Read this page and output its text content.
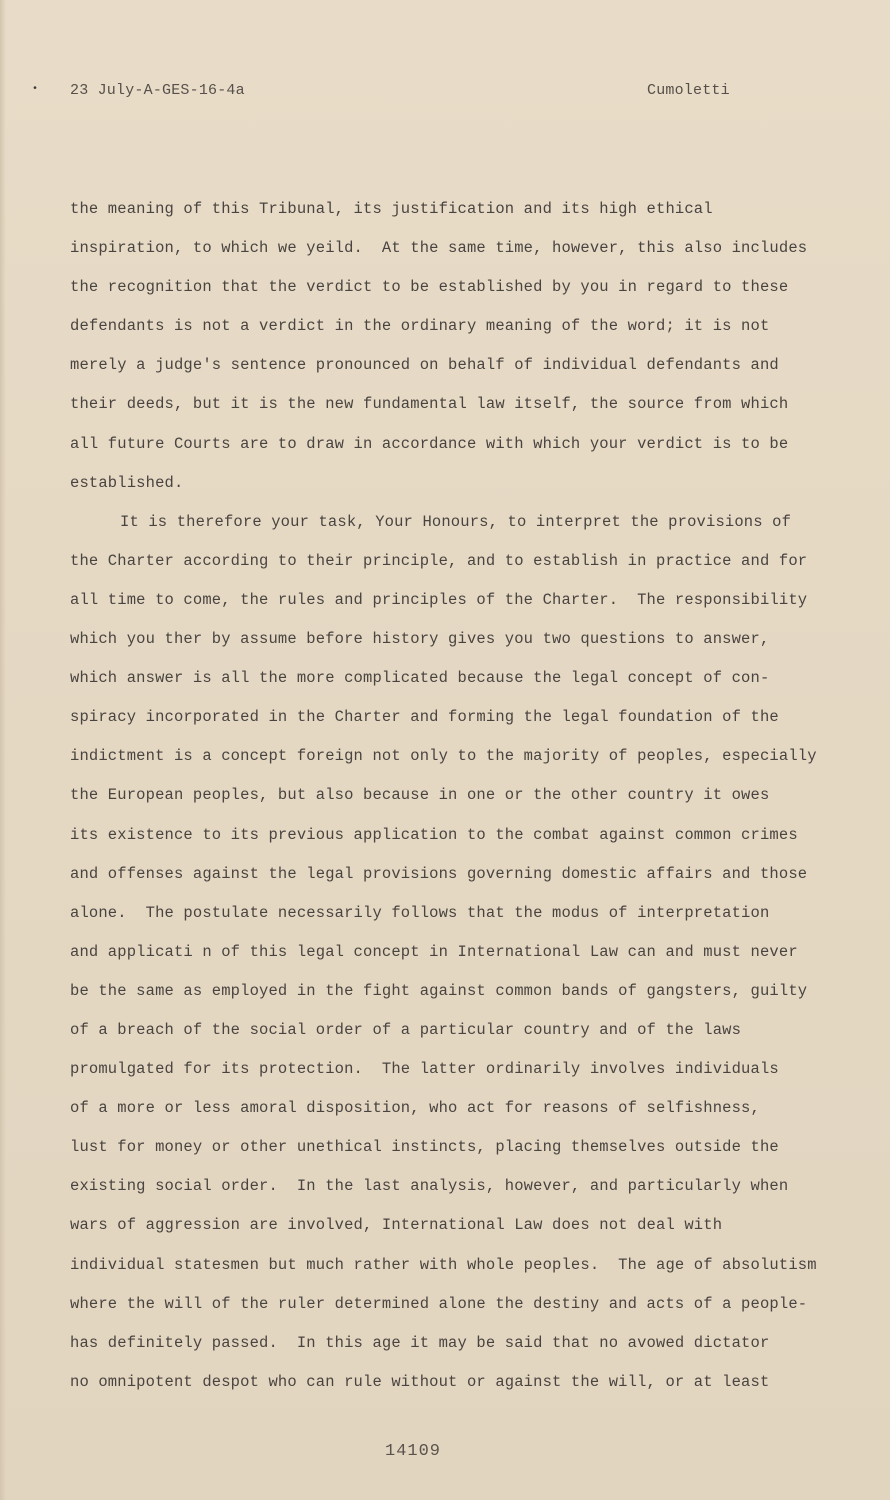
• 23 July-A-GES-16-4a	Cumoletti
the meaning of this Tribunal, its justification and its high ethical
inspiration, to which we yeild.  At the same time, however, this also includes
the recognition that the verdict to be established by you in regard to these
defendants is not a verdict in the ordinary meaning of the word; it is not
merely a judge's sentence pronounced on behalf of individual defendants and
their deeds, but it is the new fundamental law itself, the source from which
all future Courts are to draw in accordance with which your verdict is to be
established.
It is therefore your task, Your Honours, to interpret the provisions of
the Charter according to their principle, and to establish in practice and for
all time to come, the rules and principles of the Charter.  The responsibility
which you ther by assume before history gives you two questions to answer,
which answer is all the more complicated because the legal concept of con-
spiracy incorporated in the Charter and forming the legal foundation of the
indictment is a concept foreign not only to the majority of peoples, especially
the European peoples, but also because in one or the other country it owes
its existence to its previous application to the combat against common crimes
and offenses against the legal provisions governing domestic affairs and those
alone.  The postulate necessarily follows that the modus of interpretation
and applicati n of this legal concept in International Law can and must never
be the same as employed in the fight against common bands of gangsters, guilty
of a breach of the social order of a particular country and of the laws
promulgated for its protection.  The latter ordinarily involves individuals
of a more or less amoral disposition, who act for reasons of selfishness,
lust for money or other unethical instincts, placing themselves outside the
existing social order.  In the last analysis, however, and particularly when
wars of aggression are involved, International Law does not deal with
individual statesmen but much rather with whole peoples.  The age of absolutism
where the will of the ruler determined alone the destiny and acts of a people-
has definitely passed.  In this age it may be said that no avowed dictator
no omnipotent despot who can rule without or against the will, or at least
14109
